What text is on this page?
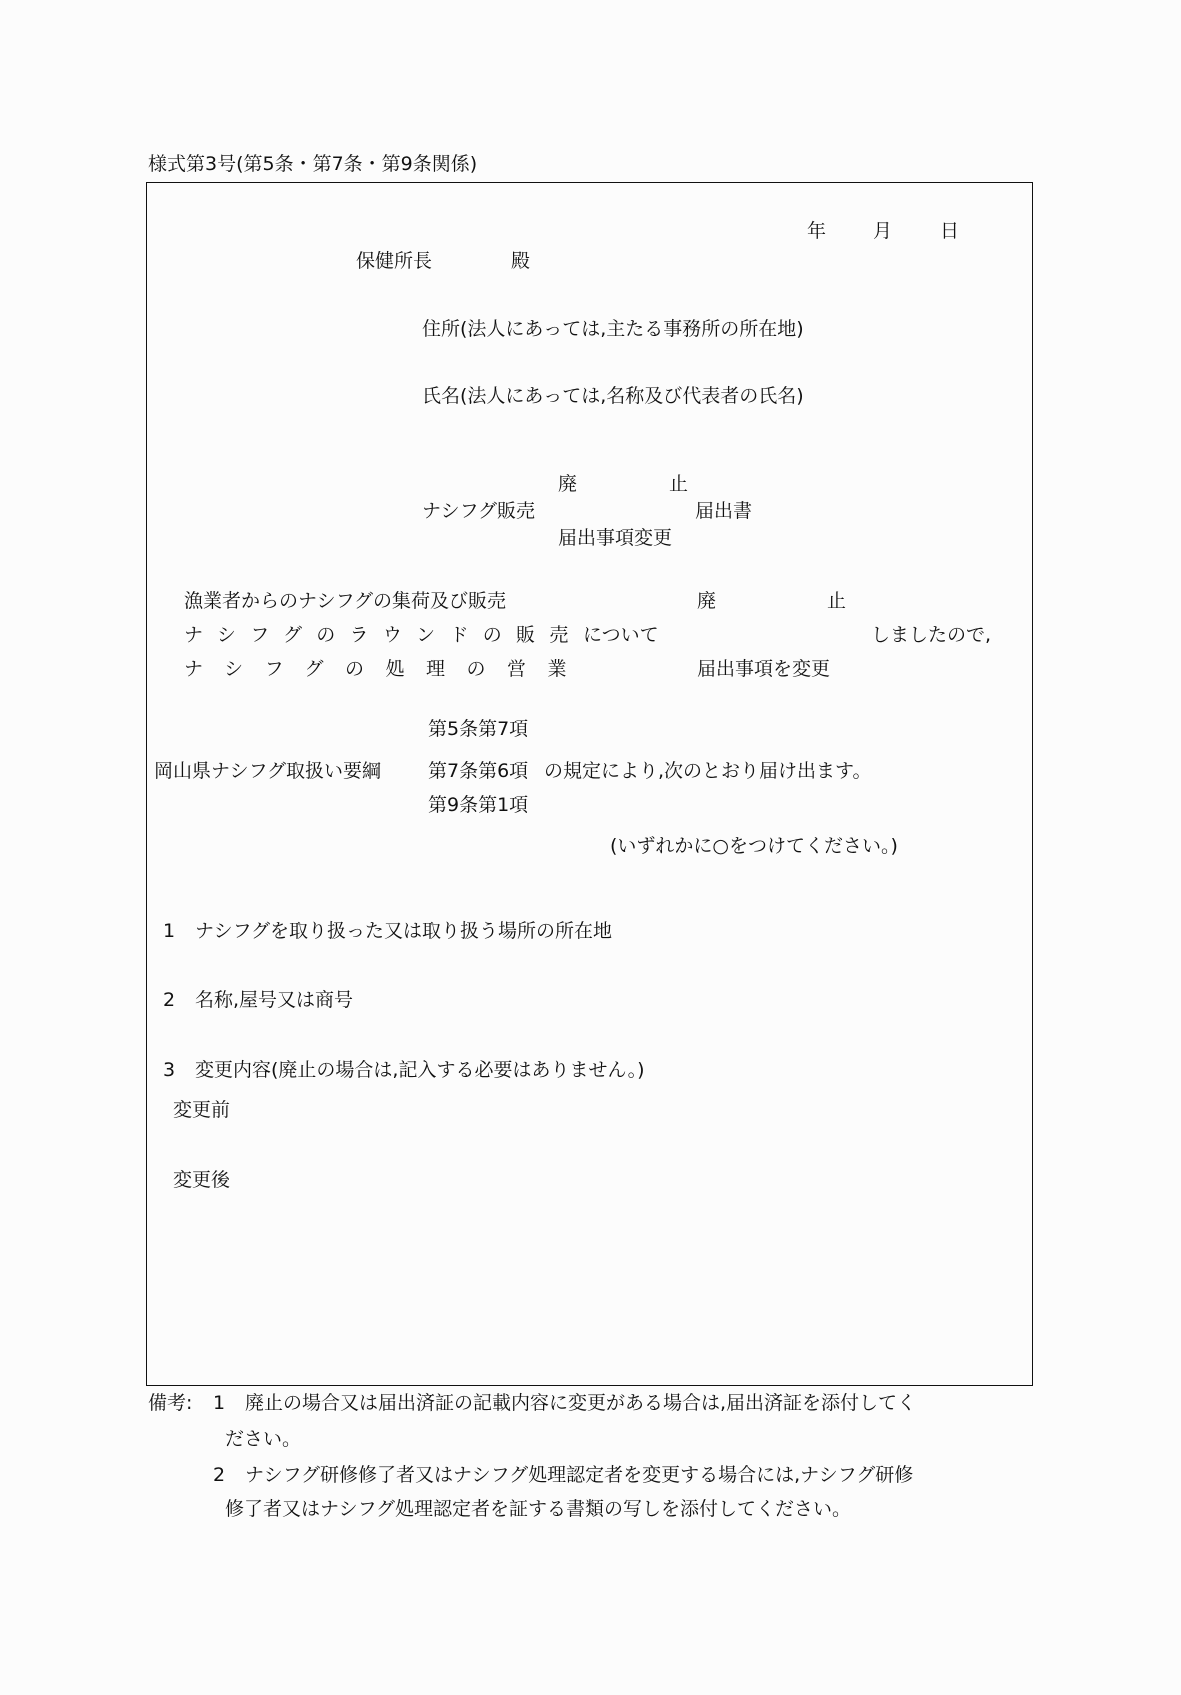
様式第3号(第5条・第7条・第9条関係)
年 月	日
保健所長	殿
住所(法人にあっては,主たる事務所の所在地)
氏名(法人にあっては,名称及び代表者の氏名)
廃	止
ナシフグ販売	届出書
届出事項変更
漁業者からのナシフグの集荷及び販売
ナシフグのラウンドの販売
ナシフグの処理の営業
について
廃	止
しましたので,
届出事項を変更
第5条第7項
岡山県ナシフグ取扱い要綱 第7条第6項 の規定により,次のとおり届け出ます。
第9条第1項
(いずれかに○をつけてください。)
1 ナシフグを取り扱った又は取り扱う場所の所在地
2 名称,屋号又は商号
3 変更内容(廃止の場合は,記入する必要はありません。)
変更前
変更後
備考: 1 廃止の場合又は届出済証の記載内容に変更がある場合は,届出済証を添付してく
ださい。
2 ナシフグ研修修了者又はナシフグ処理認定者を変更する場合には,ナシフグ研修
修了者又はナシフグ処理認定者を証する書類の写しを添付してください。
